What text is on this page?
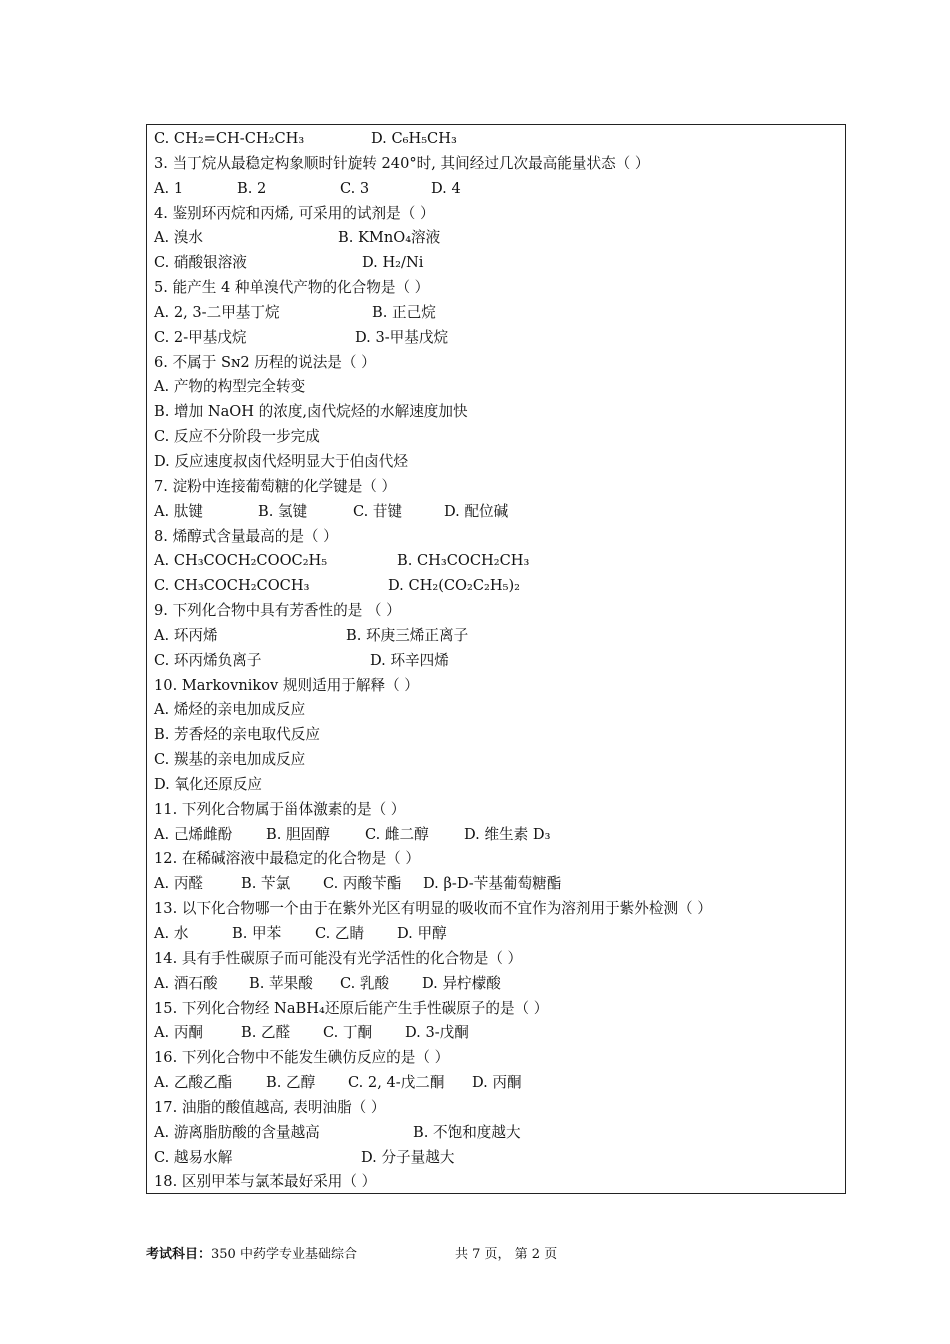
C. CH₂=CH-CH₂CH₃	D. C₆H₅CH₃
3. 当丁烷从最稳定构象顺时针旋转 240°时, 其间经过几次最高能量状态（ ）
A. 1	B. 2	C. 3	D. 4
4. 鉴别环丙烷和丙烯, 可采用的试剂是（ ）
A. 溴水	B. KMnO₄溶液
C. 硝酸银溶液	D. H₂/Ni
5. 能产生 4 种单溴代产物的化合物是（ ）
A. 2, 3-二甲基丁烷	B. 正己烷
C. 2-甲基戊烷	D. 3-甲基戊烷
6. 不属于 Sɴ2 历程的说法是（ ）
A. 产物的构型完全转变
B. 增加 NaOH 的浓度,卤代烷烃的水解速度加快
C. 反应不分阶段一步完成
D. 反应速度叔卤代烃明显大于伯卤代烃
7. 淀粉中连接葡萄糖的化学键是（ ）
A. 肽键	B. 氢键	C. 苷键	D. 配位碱
8. 烯醇式含量最高的是（ ）
A. CH₃COCH₂COOC₂H₅	B. CH₃COCH₂CH₃
C. CH₃COCH₂COCH₃	D. CH₂(CO₂C₂H₅)₂
9. 下列化合物中具有芳香性的是 （ ）
A. 环丙烯	B. 环庚三烯正离子
C. 环丙烯负离子	D. 环辛四烯
10. Markovnikov 规则适用于解释（ ）
A. 烯烃的亲电加成反应
B. 芳香烃的亲电取代反应
C. 羰基的亲电加成反应
D. 氧化还原反应
11. 下列化合物属于甾体激素的是（ ）
A. 己烯雌酚 B. 胆固醇 C. 雌二醇 D. 维生素 D₃
12. 在稀碱溶液中最稳定的化合物是（ ）
A. 丙醛	B. 苄氯 C. 丙酸苄酯 D. β-D-苄基葡萄糖酯
13. 以下化合物哪一个由于在紫外光区有明显的吸收而不宜作为溶剂用于紫外检测（ ）
A. 水	B. 甲苯 C. 乙睛 D. 甲醇
14. 具有手性碳原子而可能没有光学活性的化合物是（ ）
A. 酒石酸 B. 苹果酸 C. 乳酸 D. 异柠檬酸
15. 下列化合物经 NaBH₄还原后能产生手性碳原子的是（ ）
A. 丙酮	B. 乙醛 C. 丁酮 D. 3-戊酮
16. 下列化合物中不能发生碘仿反应的是（ ）
A. 乙酸乙酯 B. 乙醇 C. 2, 4-戊二酮 D. 丙酮
17. 油脂的酸值越高, 表明油脂（ ）
A. 游离脂肪酸的含量越高	B. 不饱和度越大
C. 越易水解	D. 分子量越大
18. 区别甲苯与氯苯最好采用（ ）
考试科目：350 中药学专业基础综合	共 7 页， 第 2 页
